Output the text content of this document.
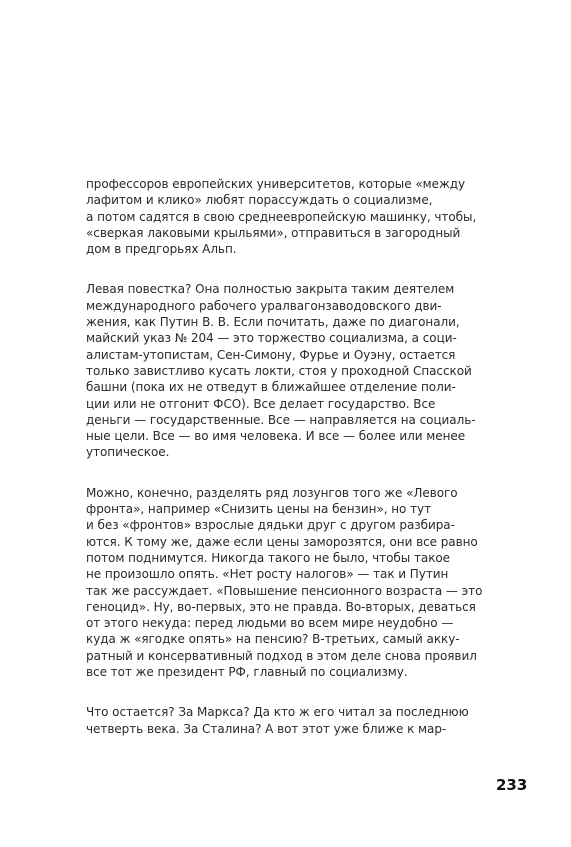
профессоров европейских университетов, которые «между
лафитом и клико» любят порассуждать о социализме,
а потом садятся в свою среднеевропейскую машинку, чтобы,
«сверкая лаковыми крыльями», отправиться в загородный
дом в предгорьях Альп.

Левая повестка? Она полностью закрыта таким деятелем
международного рабочего уралвагонзаводовского дви-
жения, как Путин В. В. Если почитать, даже по диагонали,
майский указ № 204 — это торжество социализма, а соци-
алистам-утопистам, Сен-Симону, Фурье и Оуэну, остается
только завистливо кусать локти, стоя у проходной Спасской
башни (пока их не отведут в ближайшее отделение поли-
ции или не отгонит ФСО). Все делает государство. Все
деньги — государственные. Все — направляется на социаль-
ные цели. Все — во имя человека. И все — более или менее
утопическое.

Можно, конечно, разделять ряд лозунгов того же «Левого
фронта», например «Снизить цены на бензин», но тут
и без «фронтов» взрослые дядьки друг с другом разбира-
ются. К тому же, даже если цены заморозятся, они все равно
потом поднимутся. Никогда такого не было, чтобы такое
не произошло опять. «Нет росту налогов» — так и Путин
так же рассуждает. «Повышение пенсионного возраста — это
геноцид». Ну, во-первых, это не правда. Во-вторых, деваться
от этого некуда: перед людьми во всем мире неудобно —
куда ж «ягодке опять» на пенсию? В-третьих, самый акку-
ратный и консервативный подход в этом деле снова проявил
все тот же президент РФ, главный по социализму.

Что остается? За Маркса? Да кто ж его читал за последнюю
четверть века. За Сталина? А вот этот уже ближе к мар-

233
